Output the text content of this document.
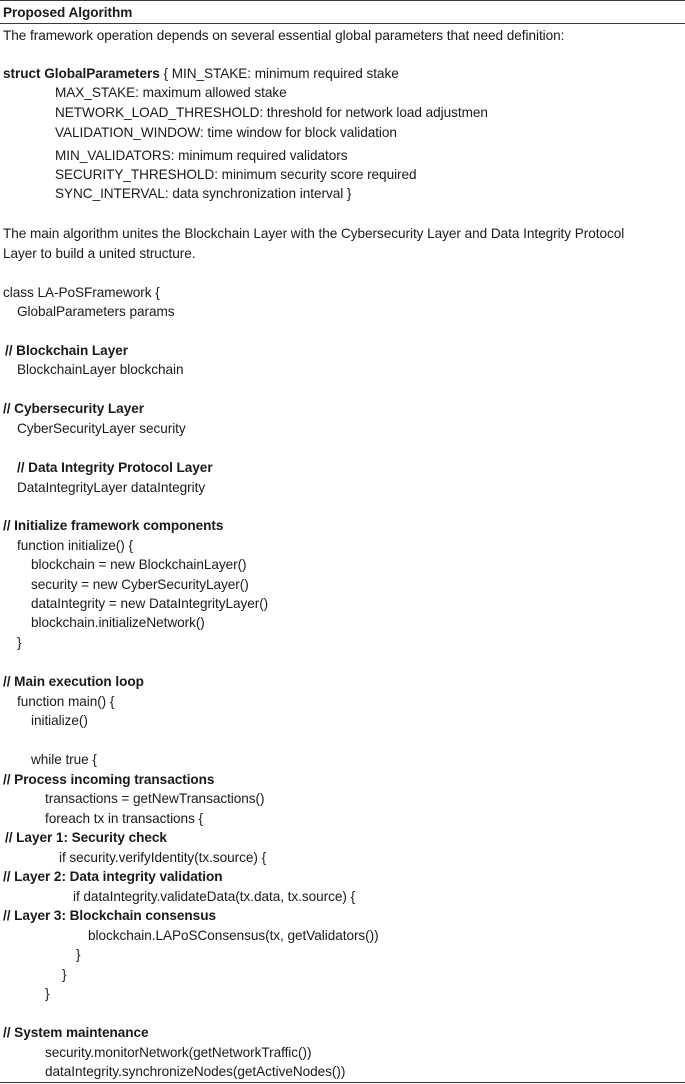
Proposed Algorithm
The framework operation depends on several essential global parameters that need definition:
struct GlobalParameters { MIN_STAKE: minimum required stake
MAX_STAKE: maximum allowed stake
NETWORK_LOAD_THRESHOLD: threshold for network load adjustmen
VALIDATION_WINDOW: time window for block validation
MIN_VALIDATORS: minimum required validators
SECURITY_THRESHOLD: minimum security score required
SYNC_INTERVAL: data synchronization interval }
The main algorithm unites the Blockchain Layer with the Cybersecurity Layer and Data Integrity Protocol
Layer to build a united structure.
class LA-PoSFramework {
GlobalParameters params
// Blockchain Layer
BlockchainLayer blockchain
// Cybersecurity Layer
CyberSecurityLayer security
// Data Integrity Protocol Layer
DataIntegrityLayer dataIntegrity
// Initialize framework components
function initialize() {
blockchain = new BlockchainLayer()
security = new CyberSecurityLayer()
dataIntegrity = new DataIntegrityLayer()
blockchain.initializeNetwork()
}
// Main execution loop
function main() {
initialize()
while true {
// Process incoming transactions
transactions = getNewTransactions()
foreach tx in transactions {
// Layer 1: Security check
if security.verifyIdentity(tx.source) {
// Layer 2: Data integrity validation
if dataIntegrity.validateData(tx.data, tx.source) {
// Layer 3: Blockchain consensus
blockchain.LAPoSConsensus(tx, getValidators())
}
}
}
// System maintenance
security.monitorNetwork(getNetworkTraffic())
dataIntegrity.synchronizeNodes(getActiveNodes())
